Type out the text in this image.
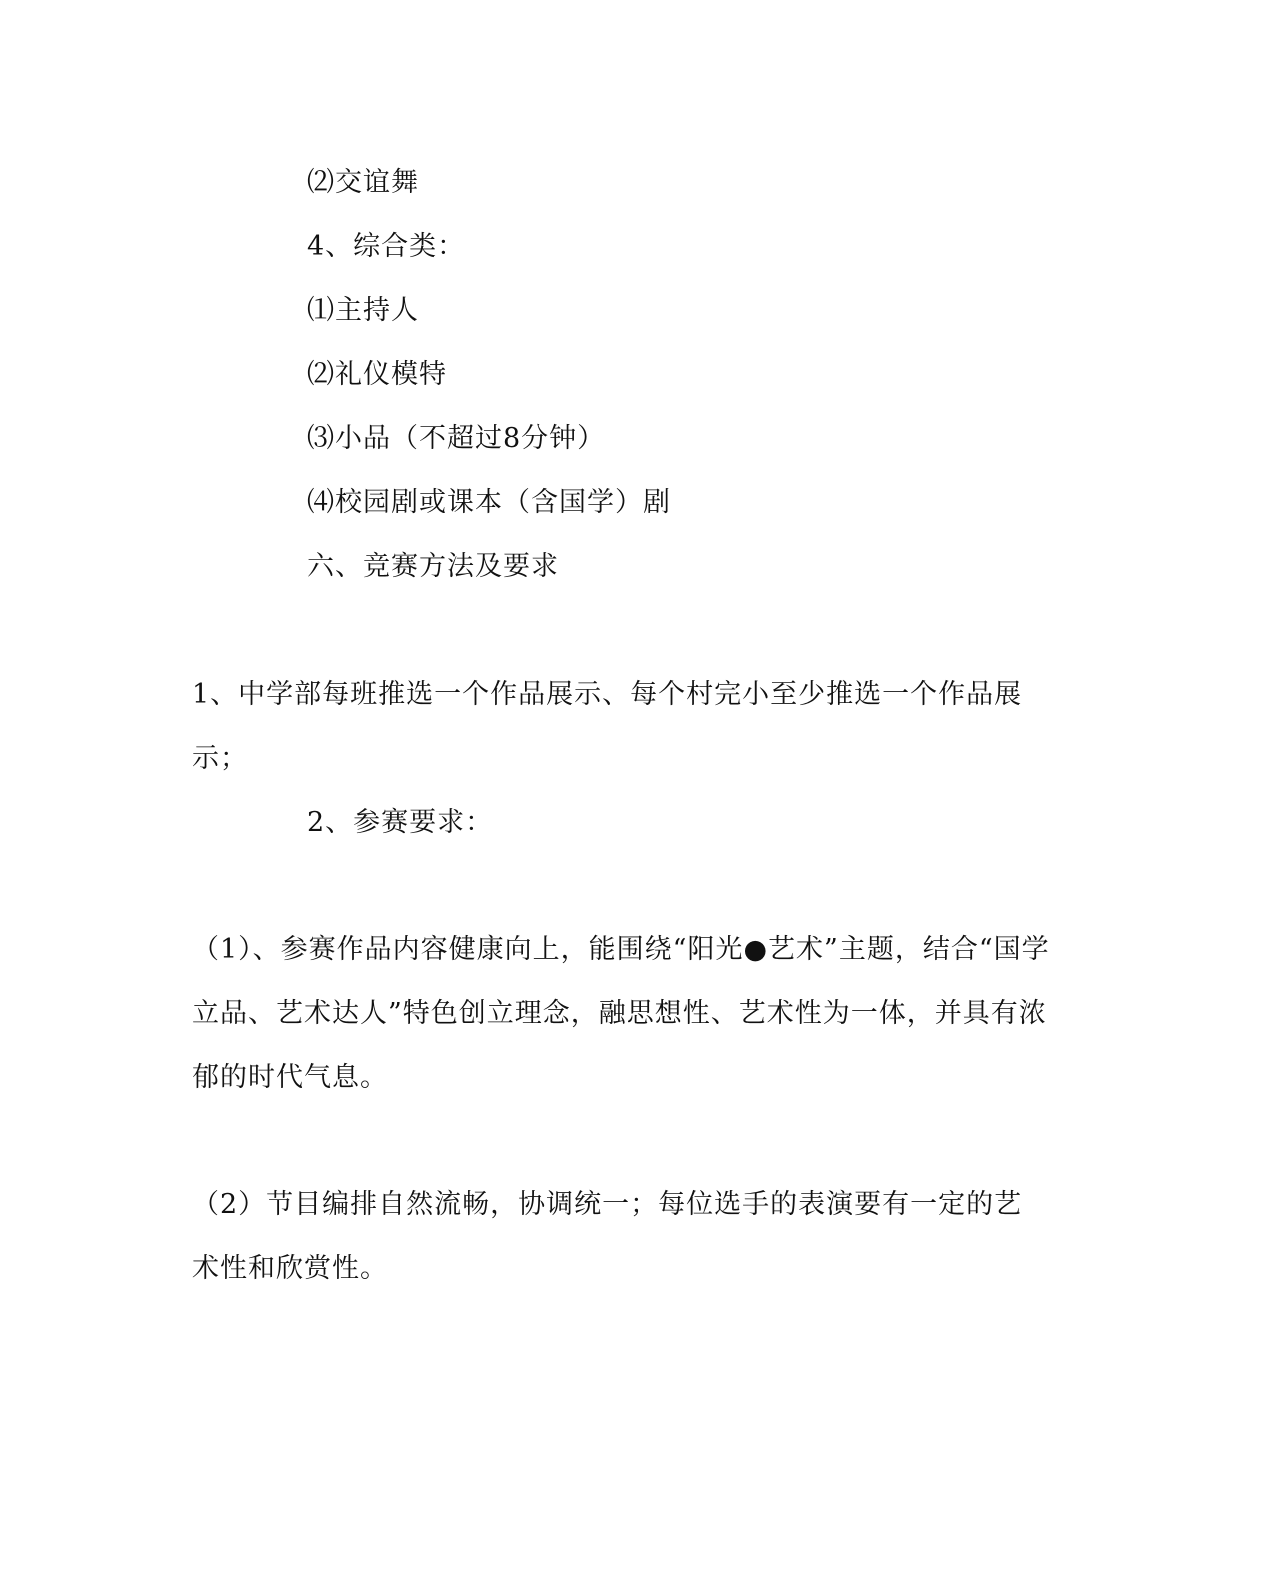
⑵交谊舞
4、综合类：
⑴主持人
⑵礼仪模特
⑶小品（不超过8分钟）
⑷校园剧或课本（含国学）剧
六、竞赛方法及要求
1、中学部每班推选一个作品展示、每个村完小至少推选一个作品展
示；
2、参赛要求：
（1）、参赛作品内容健康向上，能围绕“阳光●艺术”主题，结合“国学
立品、艺术达人”特色创立理念，融思想性、艺术性为一体，并具有浓
郁的时代气息。
（2）节目编排自然流畅，协调统一；每位选手的表演要有一定的艺
术性和欣赏性。
